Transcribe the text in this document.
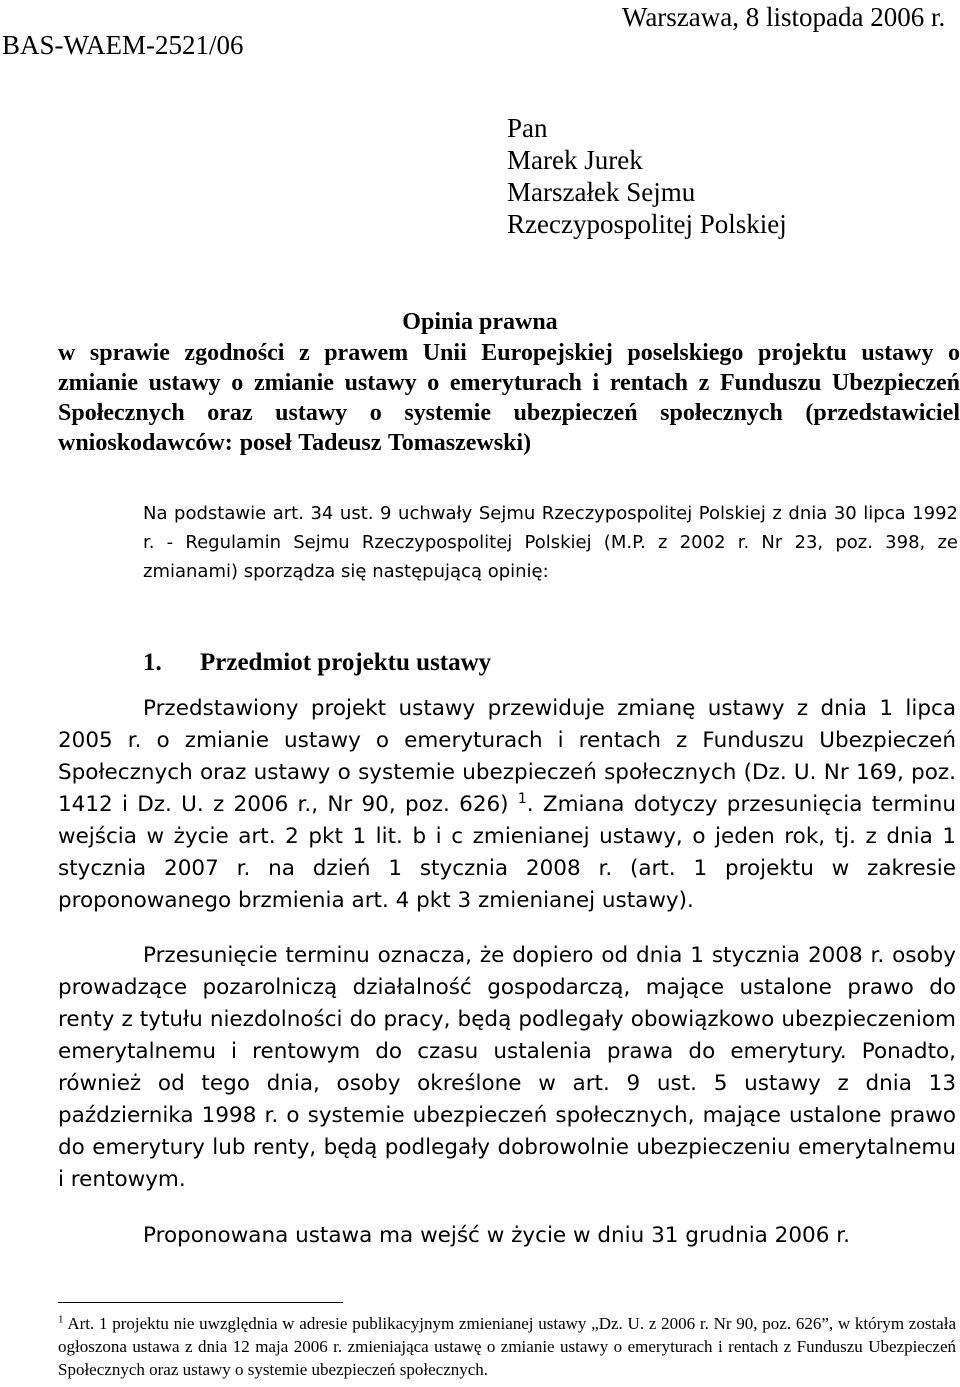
BAS-WAEM-2521/06
Warszawa, 8 listopada 2006 r.
Pan
Marek Jurek
Marszałek Sejmu
Rzeczypospolitej Polskiej
Opinia prawna
w sprawie zgodności z prawem Unii Europejskiej poselskiego projektu ustawy o zmianie ustawy o zmianie ustawy o emeryturach i rentach z Funduszu Ubezpieczeń Społecznych oraz ustawy o systemie ubezpieczeń społecznych (przedstawiciel wnioskodawców: poseł Tadeusz Tomaszewski)
Na podstawie art. 34 ust. 9 uchwały Sejmu Rzeczypospolitej Polskiej z dnia 30 lipca 1992 r. - Regulamin Sejmu Rzeczypospolitej Polskiej (M.P. z 2002 r. Nr 23, poz. 398, ze zmianami) sporządza się następującą opinię:
1. Przedmiot projektu ustawy

Przedstawiony projekt ustawy przewiduje zmianę ustawy z dnia 1 lipca 2005 r. o zmianie ustawy o emeryturach i rentach z Funduszu Ubezpieczeń Społecznych oraz ustawy o systemie ubezpieczeń społecznych (Dz. U. Nr 169, poz. 1412 i Dz. U. z 2006 r., Nr 90, poz. 626) $^1$. Zmiana dotyczy przesunięcia terminu wejścia w życie art. 2 pkt 1 lit. b i c zmienianej ustawy, o jeden rok, tj. z dnia 1 stycznia 2007 r. na dzień 1 stycznia 2008 r. (art. 1 projektu w zakresie proponowanego brzmienia art. 4 pkt 3 zmienianej ustawy).

Przesunięcie terminu oznacza, że dopiero od dnia 1 stycznia 2008 r. osoby prowadzące pozarolniczą działalność gospodarczą, mające ustalone prawo do renty z tytułu niezdolności do pracy, będą podlegały obowiązkowo ubezpieczeniom emerytalnemu i rentowym do czasu ustalenia prawa do emerytury. Ponadto, również od tego dnia, osoby określone w art. 9 ust. 5 ustawy z dnia 13 października 1998 r. o systemie ubezpieczeń społecznych, mające ustalone prawo do emerytury lub renty, będą podlegały dobrowolnie ubezpieczeniu emerytalnemu i rentowym.

Proponowana ustawa ma wejść w życie w dniu 31 grudnia 2006 r.

$^1$ Art. 1 projektu nie uwzględnia w adresie publikacyjnym zmienianej ustawy „Dz. U. z 2006 r. Nr 90, poz. 626”, w którym została ogłoszona ustawa z dnia 12 maja 2006 r. zmieniająca ustawę o zmianie ustawy o emeryturach i rentach z Funduszu Ubezpieczeń Społecznych oraz ustawy o systemie ubezpieczeń społecznych.
